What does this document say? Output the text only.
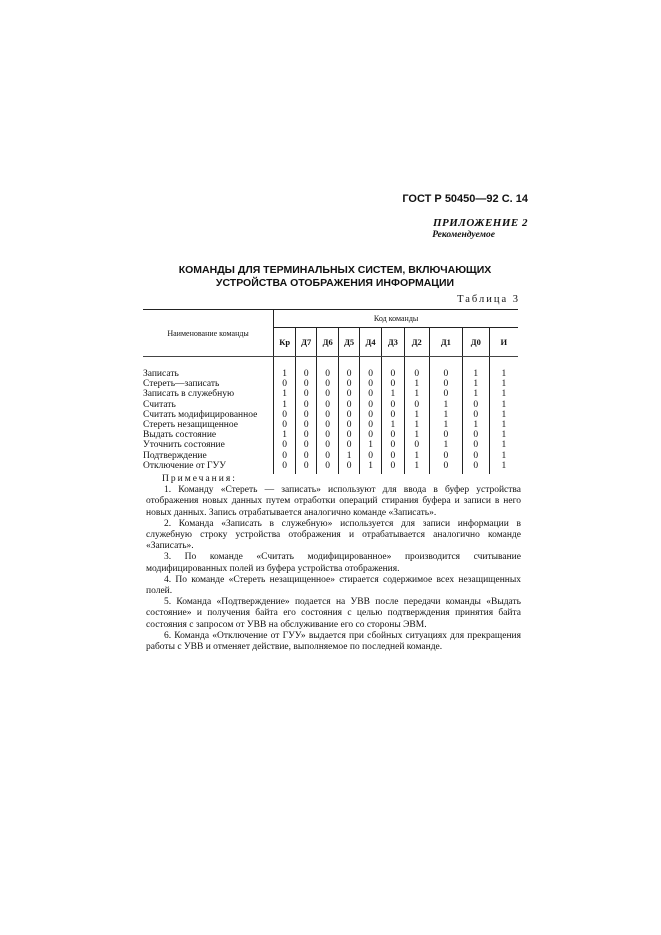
ГОСТ Р 50450—92 С. 14
ПРИЛОЖЕНИЕ 2
Рекомендуемое
КОМАНДЫ ДЛЯ ТЕРМИНАЛЬНЫХ СИСТЕМ, ВКЛЮЧАЮЩИХ
УСТРОЙСТВА ОТОБРАЖЕНИЯ ИНФОРМАЦИИ
Таблица 3
Наименование команды	Код команды									
	Кр	Д7	Д6	Д5	Д4	Д3	Д2	Д1	Д0	И
Записать	1	0	0	0	0	0	0	0	1	1
Стереть—записать	0	0	0	0	0	0	1	0	1	1
Записать в служебную	1	0	0	0	0	1	1	0	1	1
Считать	1	0	0	0	0	0	0	1	0	1
Считать модифицированное	0	0	0	0	0	0	1	1	0	1
Стереть незащищенное	0	0	0	0	0	1	1	1	1	1
Выдать состояние	1	0	0	0	0	0	1	0	0	1
Уточнить состояние	0	0	0	0	1	0	0	1	0	1
Подтверждение	0	0	0	1	0	0	1	0	0	1
Отключение от ГУУ	0	0	0	0	1	0	1	0	0	1

Примечания:

1. Команду «Стереть — записать» используют для ввода в буфер устройства отображения новых данных путем отработки операций стирания буфера и записи в него новых данных. Запись отрабатывается аналогично команде «Записать».

2. Команда «Записать в служебную» используется для записи информации в служебную строку устройства отображения и отрабатывается аналогично команде «Записать».

3. По команде «Считать модифицированное» производится считывание модифицированных полей из буфера устройства отображения.

4. По команде «Стереть незащищенное» стирается содержимое всех незащищенных полей.

5. Команда «Подтверждение» подается на УВВ после передачи команды «Выдать состояние» и получения байта его состояния с целью подтверждения принятия байта состояния с запросом от УВВ на обслуживание его со стороны ЭВМ.

6. Команда «Отключение от ГУУ» выдается при сбойных ситуациях для прекращения работы с УВВ и отменяет действие, выполняемое по последней команде.
